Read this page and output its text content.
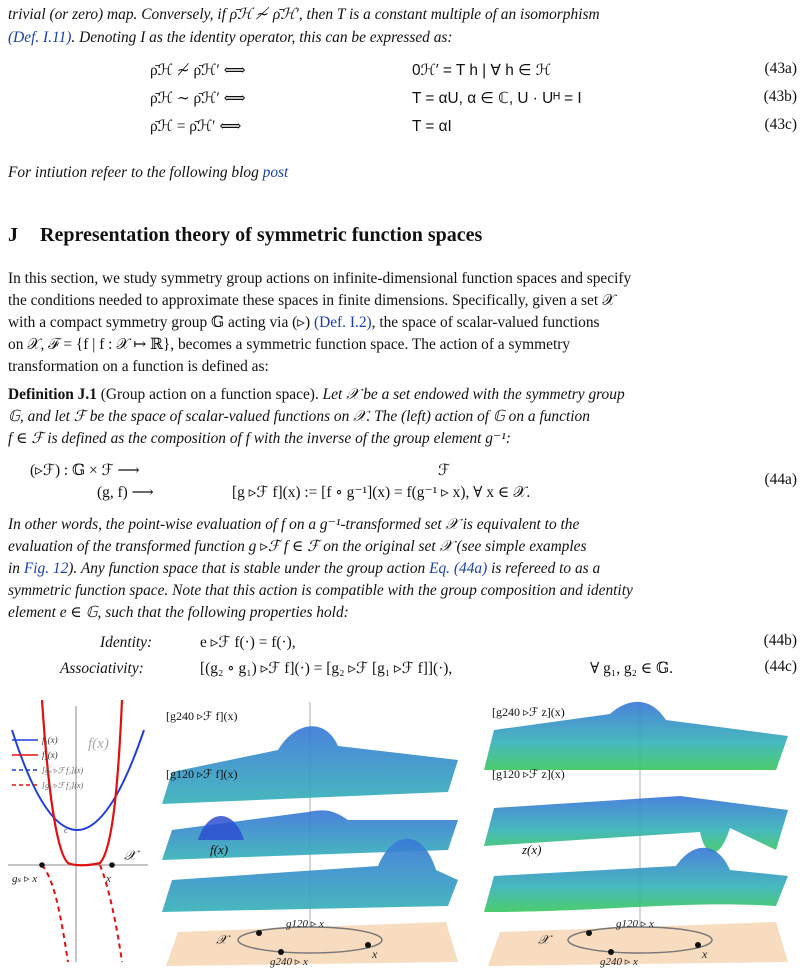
trivial (or zero) map. Conversely, if ρ̄ℋ ≁ ρ̄ℋ′, then T is a constant multiple of an isomorphism
(Def. I.11). Denoting I as the identity operator, this can be expressed as:
ρ̄ℋ ≁ ρ̄ℋ′ ⟺	0ℋ′ = T h | ∀ h ∈ ℋ	(43a)
ρ̄ℋ ∼ ρ̄ℋ′ ⟺	T = αU, α ∈ ℂ, U · Uᴴ = I	(43b)
ρ̄ℋ = ρ̄ℋ′ ⟺	T = αI	(43c)
For intiution refeer to the following blog post
J Representation theory of symmetric function spaces
In this section, we study symmetry group actions on infinite-dimensional function spaces and specify
the conditions needed to approximate these spaces in finite dimensions. Specifically, given a set 𝒳
with a compact symmetry group 𝔾 acting via (▹) (Def. I.2), the space of scalar-valued functions
on 𝒳, ℱ = {f | f : 𝒳 ↦ ℝ}, becomes a symmetric function space. The action of a symmetry
transformation on a function is defined as:
Definition J.1 (Group action on a function space). Let 𝒳 be a set endowed with the symmetry group
𝔾, and let ℱ be the space of scalar-valued functions on 𝒳. The (left) action of 𝔾 on a function
f ∈ ℱ is defined as the composition of f with the inverse of the group element g⁻¹:
(▹ℱ) : 𝔾 × ℱ ⟶	ℱ
(g, f) ⟶	[g ▹ℱ f](x) := [f ∘ g⁻¹](x) = f(g⁻¹ ▹ x), ∀ x ∈ 𝒳.
(44a)
In other words, the point-wise evaluation of f on a g⁻¹-transformed set 𝒳 is equivalent to the
evaluation of the transformed function g ▹ℱ f ∈ ℱ on the original set 𝒳 (see simple examples
in Fig. 12). Any function space that is stable under the group action Eq. (44a) is refereed to as a
symmetric function space. Note that this action is compatible with the group composition and identity
element e ∈ 𝔾, such that the following properties hold:
Identity:	e ▹ℱ f(·) = f(·),	(44b)
Associativity:	[(g₂ ∘ g₁) ▹ℱ f](·) = [g₂ ▹ℱ [g₁ ▹ℱ f]](·),	∀ g₁, g₂ ∈ 𝔾.	(44c)
f₁(x)
f₂(x)
[gₛ ▹ℱ f₁](x)
[gₛ ▹ℱ f₂](x)
f(x)
c
𝒳
gₛ ▹ x	x
g120 ▹ x
g240 ▹ x
x
𝒳
[g240 ▹ℱ f](x)
[g120 ▹ℱ f](x)
f(x)
g120 ▹ x
g240 ▹ x
x
𝒳
[g240 ▹ℱ z](x)
[g120 ▹ℱ z](x)
z(x)
